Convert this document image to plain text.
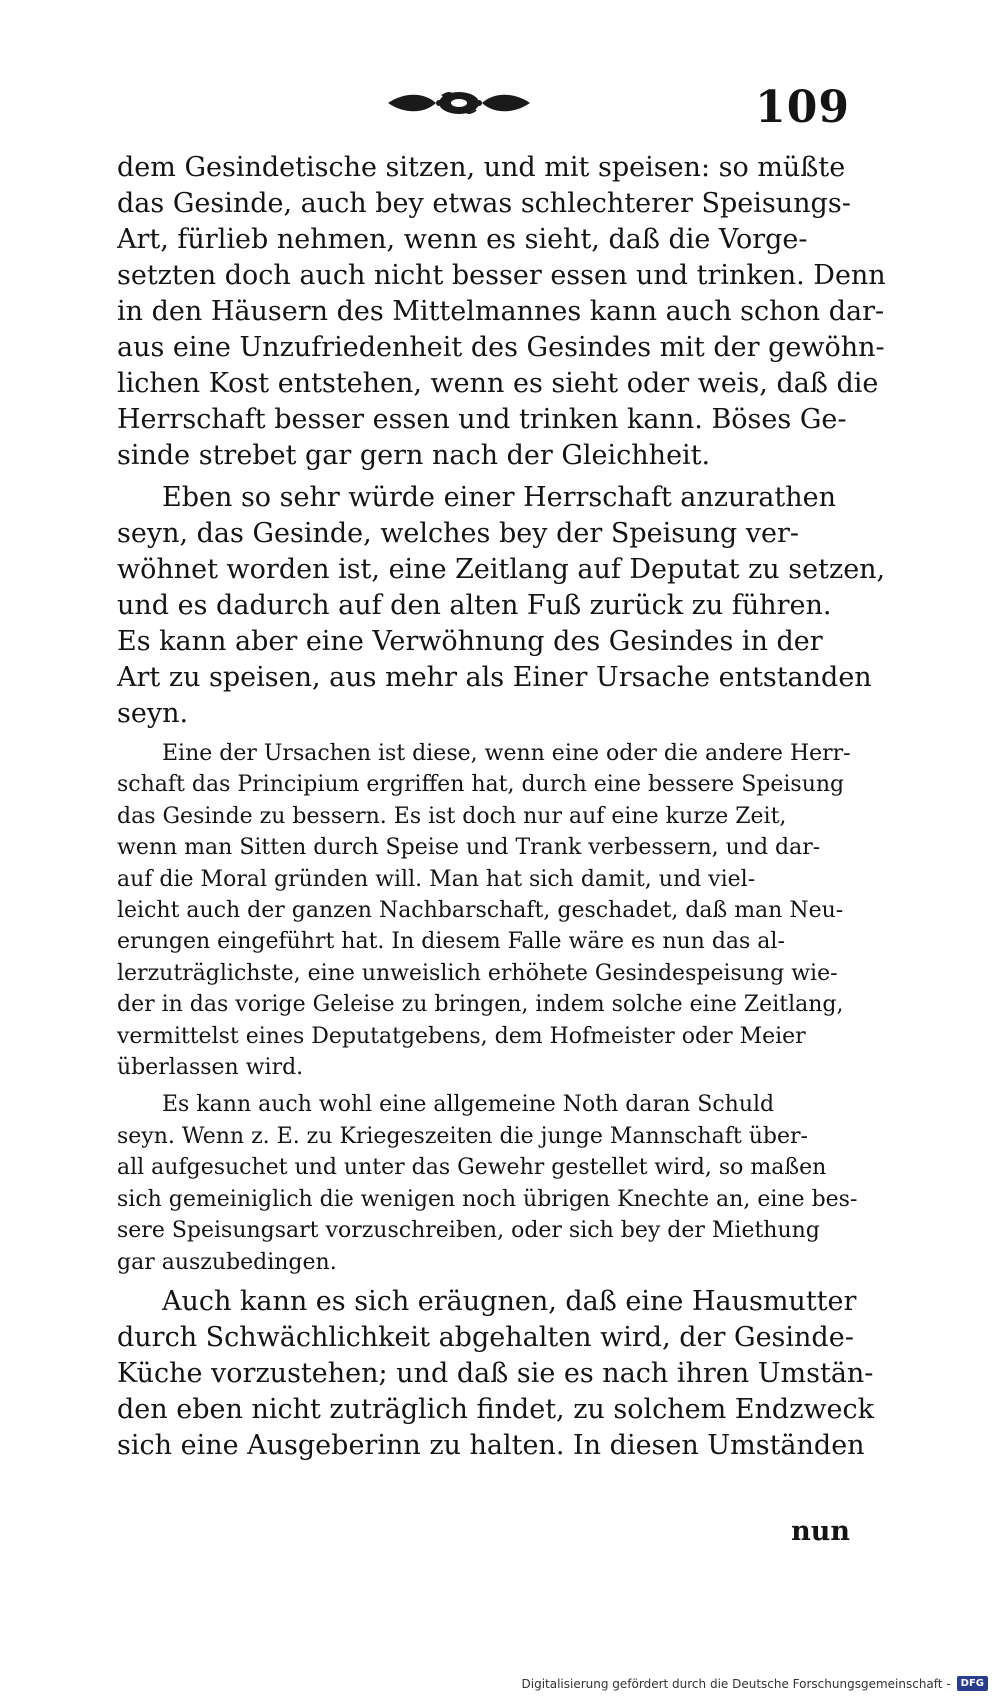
109
dem Gesindetische sitzen, und mit speisen: so müßte
das Gesinde, auch bey etwas schlechterer Speisungs-
Art, fürlieb nehmen, wenn es sieht, daß die Vorge-
setzten doch auch nicht besser essen und trinken. Denn
in den Häusern des Mittelmannes kann auch schon dar-
aus eine Unzufriedenheit des Gesindes mit der gewöhn-
lichen Kost entstehen, wenn es sieht oder weis, daß die
Herrschaft besser essen und trinken kann. Böses Ge-
sinde strebet gar gern nach der Gleichheit.
Eben so sehr würde einer Herrschaft anzurathen
seyn, das Gesinde, welches bey der Speisung ver-
wöhnet worden ist, eine Zeitlang auf Deputat zu setzen,
und es dadurch auf den alten Fuß zurück zu führen.
Es kann aber eine Verwöhnung des Gesindes in der
Art zu speisen, aus mehr als Einer Ursache entstanden
seyn.
Eine der Ursachen ist diese, wenn eine oder die andere Herr-
schaft das Principium ergriffen hat, durch eine bessere Speisung
das Gesinde zu bessern. Es ist doch nur auf eine kurze Zeit,
wenn man Sitten durch Speise und Trank verbessern, und dar-
auf die Moral gründen will. Man hat sich damit, und viel-
leicht auch der ganzen Nachbarschaft, geschadet, daß man Neu-
erungen eingeführt hat. In diesem Falle wäre es nun das al-
lerzuträglichste, eine unweislich erhöhete Gesindespeisung wie-
der in das vorige Geleise zu bringen, indem solche eine Zeitlang,
vermittelst eines Deputatgebens, dem Hofmeister oder Meier
überlassen wird.
Es kann auch wohl eine allgemeine Noth daran Schuld
seyn. Wenn z. E. zu Kriegeszeiten die junge Mannschaft über-
all aufgesuchet und unter das Gewehr gestellet wird, so maßen
sich gemeiniglich die wenigen noch übrigen Knechte an, eine bes-
sere Speisungsart vorzuschreiben, oder sich bey der Miethung
gar auszubedingen.
Auch kann es sich eräugnen, daß eine Hausmutter
durch Schwächlichkeit abgehalten wird, der Gesinde-
Küche vorzustehen; und daß sie es nach ihren Umstän-
den eben nicht zuträglich findet, zu solchem Endzweck
sich eine Ausgeberinn zu halten. In diesen Umständen
nun
Digitalisierung gefördert durch die Deutsche Forschungsgemeinschaft -	DFG
